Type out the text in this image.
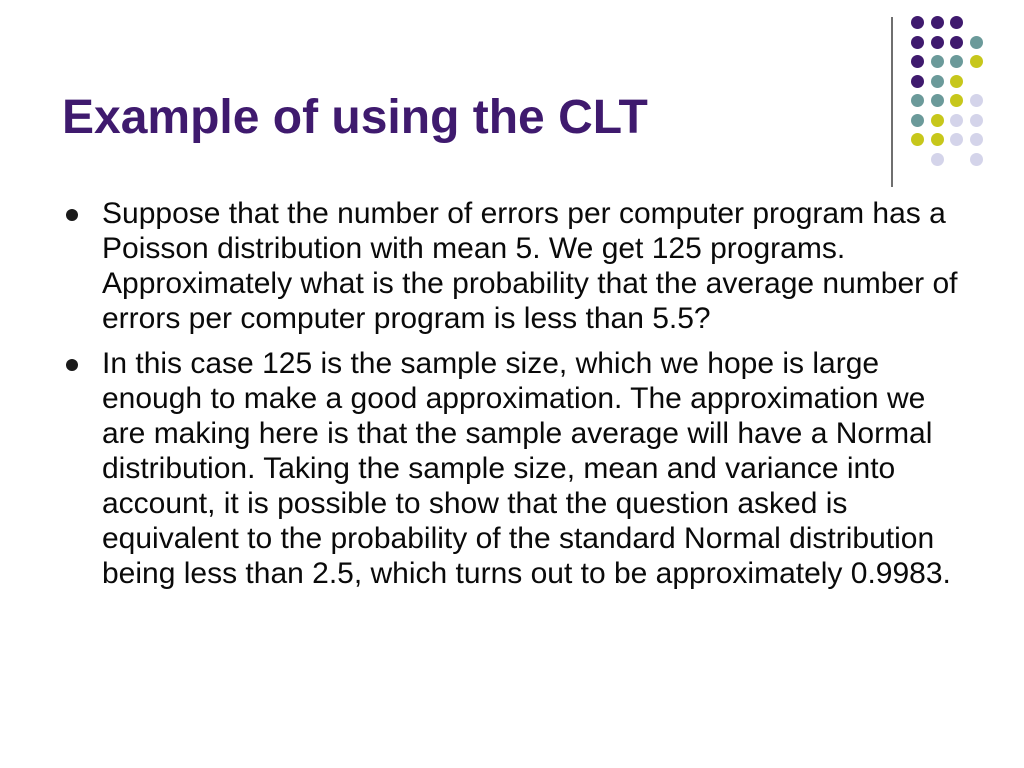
Example of using the CLT
Suppose that the number of errors per computer program has a Poisson distribution with mean 5. We get 125 programs. Approximately what is the probability that the average number of errors per computer program is less than 5.5?
In this case 125 is the sample size, which we hope is large enough to make a good approximation. The approximation we are making here is that the sample average will have a Normal distribution. Taking the sample size, mean and variance into account, it is possible to show that the question asked is equivalent to the probability of the standard Normal distribution being less than 2.5, which turns out to be approximately 0.9983.
